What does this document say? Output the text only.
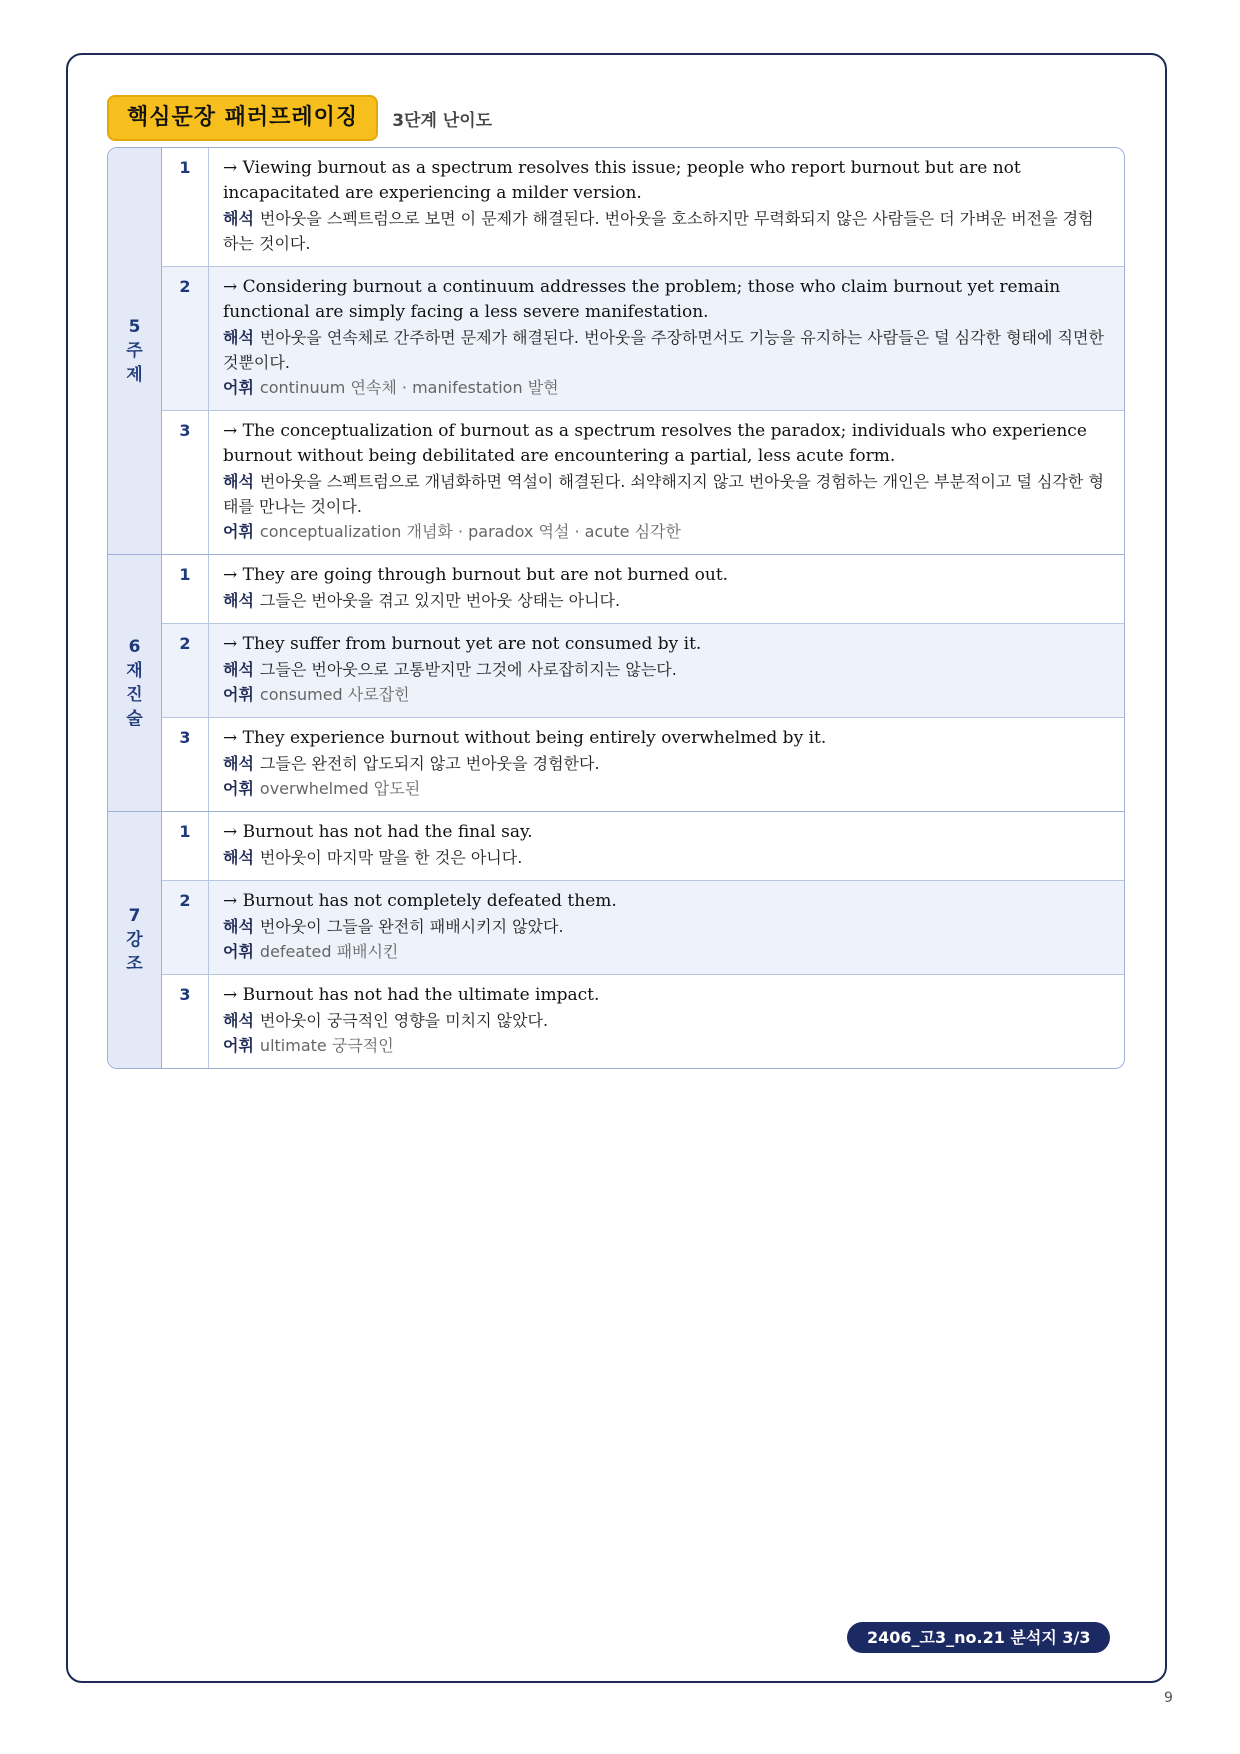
핵심문장 패러프레이징	3단계 난이도
5
주
제
1	→ Viewing burnout as a spectrum resolves this issue; people who report burnout but are not incapacitated are experiencing a milder version.
해석 번아웃을 스펙트럼으로 보면 이 문제가 해결된다. 번아웃을 호소하지만 무력화되지 않은 사람들은 더 가벼운 버전을 경험하는 것이다.
2	→ Considering burnout a continuum addresses the problem; those who claim burnout yet remain functional are simply facing a less severe manifestation.
해석 번아웃을 연속체로 간주하면 문제가 해결된다. 번아웃을 주장하면서도 기능을 유지하는 사람들은 덜 심각한 형태에 직면한 것뿐이다.
어휘 continuum 연속체 · manifestation 발현
3	→ The conceptualization of burnout as a spectrum resolves the paradox; individuals who experience burnout without being debilitated are encountering a partial, less acute form.
해석 번아웃을 스펙트럼으로 개념화하면 역설이 해결된다. 쇠약해지지 않고 번아웃을 경험하는 개인은 부분적이고 덜 심각한 형태를 만나는 것이다.
어휘 conceptualization 개념화 · paradox 역설 · acute 심각한
6
재
진
술
1	→ They are going through burnout but are not burned out.
해석 그들은 번아웃을 겪고 있지만 번아웃 상태는 아니다.
2	→ They suffer from burnout yet are not consumed by it.
해석 그들은 번아웃으로 고통받지만 그것에 사로잡히지는 않는다.
어휘 consumed 사로잡힌
3	→ They experience burnout without being entirely overwhelmed by it.
해석 그들은 완전히 압도되지 않고 번아웃을 경험한다.
어휘 overwhelmed 압도된
7
강
조
1	→ Burnout has not had the final say.
해석 번아웃이 마지막 말을 한 것은 아니다.
2	→ Burnout has not completely defeated them.
해석 번아웃이 그들을 완전히 패배시키지 않았다.
어휘 defeated 패배시킨
3	→ Burnout has not had the ultimate impact.
해석 번아웃이 궁극적인 영향을 미치지 않았다.
어휘 ultimate 궁극적인
2406_고3_no.21 분석지 3/3
9
